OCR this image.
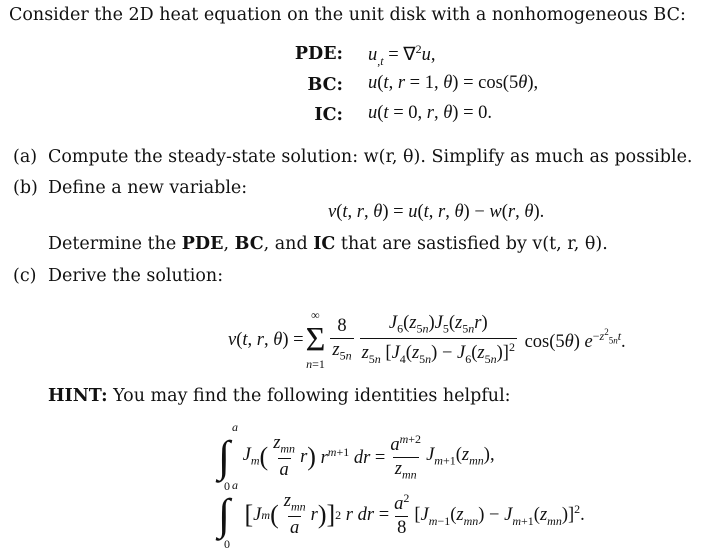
Consider the 2D heat equation on the unit disk with a nonhomogeneous BC:
PDE: $u_{,t} = \nabla^2u$,
BC: u(t, r = 1, θ) = cos(5θ),
IC: u(t = 0, r, θ) = 0.
(a) Compute the steady-state solution: w(r, θ). Simplify as much as possible.
(b) Define a new variable:
v(t, r, θ) = u(t, r, θ) − w(r, θ).
Determine the PDE, BC, and IC that are sastisfied by v(t, r, θ).
(c) Derive the solution:
v(t, r, θ) =
∞
Σ
n=1
$\frac{8}{z_{5n}} \frac{J_6(z_{5n})J_5(z_{5n}r)}{z_{5n} [J_4(z_{5n}) - J_6(z_{5n})]^2} \cos(5\theta)$ $e^{-z^2_{5n}t}$.
HINT: You may find the following identities helpful:
a
∫
0
$J_m$ ( $\frac{z_{mn}}{a}$ r ) $r^{m+1}$ dr = $\frac{a^{m+2}}{z_{mn}} J_{m+1}(z_{mn})$,
a
∫
0
[ J m ( $\frac{z_{mn}}{a}$ r ) ] 2 r dr = $\frac{a^2}{8} [J_{m-1}(z_{mn}) - J_{m+1}(z_{mn})]^2$.
